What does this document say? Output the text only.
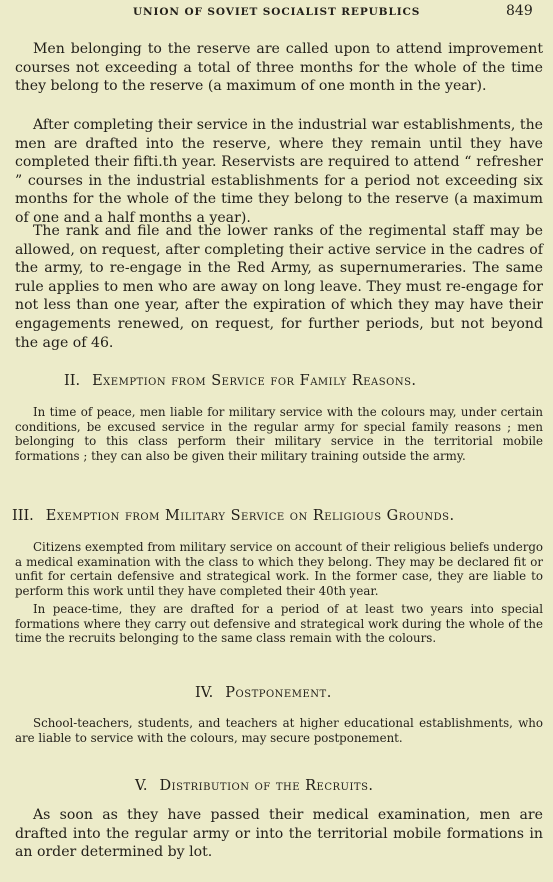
UNION OF SOVIET SOCIALIST REPUBLICS	849

Men belonging to the reserve are called upon to attend improvement courses not exceeding a total of three months for the whole of the time they belong to the reserve (a maximum of one month in the year).

After completing their service in the industrial war establishments, the men are drafted into the reserve, where they remain until they have completed their fifti.th year. Reservists are required to attend “ refresher ” courses in the industrial establishments for a period not exceeding six months for the whole of the time they belong to the reserve (a maximum of one and a half months a year).

The rank and file and the lower ranks of the regimental staff may be allowed, on request, after completing their active service in the cadres of the army, to re-engage in the Red Army, as supernumeraries. The same rule applies to men who are away on long leave. They must re-engage for not less than one year, after the expiration of which they may have their engagements renewed, on request, for further periods, but not beyond the age of 46.

II. Exemption from Service for Family Reasons.

In time of peace, men liable for military service with the colours may, under certain conditions, be excused service in the regular army for special family reasons ; men belonging to this class perform their military service in the territorial mobile formations ; they can also be given their military training outside the army.

III. Exemption from Military Service on Religious Grounds.

Citizens exempted from military service on account of their religious beliefs undergo a medical examination with the class to which they belong. They may be declared fit or unfit for certain defensive and strategical work. In the former case, they are liable to perform this work until they have completed their 40th year.

In peace-time, they are drafted for a period of at least two years into special formations where they carry out defensive and strategical work during the whole of the time the recruits belonging to the same class remain with the colours.

IV. Postponement.

School-teachers, students, and teachers at higher educational establishments, who are liable to service with the colours, may secure postponement.

V. Distribution of the Recruits.

As soon as they have passed their medical examination, men are drafted into the regular army or into the territorial mobile formations in an order determined by lot.
